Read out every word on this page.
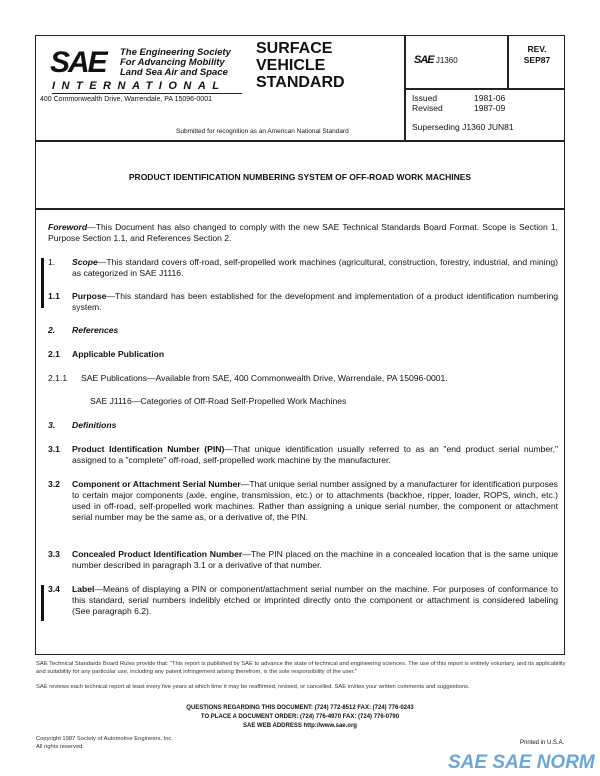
SAE	The Engineering Society
For Advancing Mobility
Land Sea Air and Space
INTERNATIONAL
400 Commonwealth Drive, Warrendale, PA 15096-0001
SURFACE
VEHICLE
STANDARD
Submitted for recognition as an American National Standard
SAE J1360
REV.
SEP87
Issued	1981-06
Revised	1987-09
Superseding J1360 JUN81
PRODUCT IDENTIFICATION NUMBERING SYSTEM OF OFF-ROAD WORK MACHINES
Foreword—This Document has also changed to comply with the new SAE Technical Standards Board Format. Scope is Section 1, Purpose Section 1.1, and References Section 2.
1. Scope—This standard covers off-road, self-propelled work machines (agricultural, construction, forestry, industrial, and mining) as categorized in SAE J1116.
1.1 Purpose—This standard has been established for the development and implementation of a product identification numbering system.
2. References
2.1 Applicable Publication
2.1.1 SAE Publications—Available from SAE, 400 Commonwealth Drive, Warrendale, PA 15096-0001.
SAE J1116—Categories of Off-Road Self-Propelled Work Machines
3. Definitions
3.1 Product Identification Number (PIN)—That unique identification usually referred to as an "end product serial number," assigned to a "complete" off-road, self-propelled work machine by the manufacturer.
3.2 Component or Attachment Serial Number—That unique serial number assigned by a manufacturer for identification purposes to certain major components (axle, engine, transmission, etc.) or to attachments (backhoe, ripper, loader, ROPS, winch, etc.) used in off-road, self-propelled work machines. Rather than assigning a unique serial number, the component or attachment serial number may be the same as, or a derivative of, the PIN.
3.3 Concealed Product Identification Number—The PIN placed on the machine in a concealed location that is the same unique number described in paragraph 3.1 or a derivative of that number.
3.4 Label—Means of displaying a PIN or component/attachment serial number on the machine. For purposes of conformance to this standard, serial numbers indelibly etched or imprinted directly onto the component or attachment is considered labeling (See paragraph 6.2).
SAE Technical Standards Board Rules provide that: "This report is published by SAE to advance the state of technical and engineering sciences. The use of this report is entirely voluntary, and its applicability and suitability for any particular use, including any patent infringement arising therefrom, is the sole responsibility of the user."
SAE reviews each technical report at least every five years at which time it may be reaffirmed, revised, or cancelled. SAE invites your written comments and suggestions.
QUESTIONS REGARDING THIS DOCUMENT: (724) 772-8512 FAX: (724) 776-0243
TO PLACE A DOCUMENT ORDER: (724) 776-4970 FAX: (724) 776-0790
SAE WEB ADDRESS http://www.sae.org
Copyright 1987 Society of Automotive Engineers, Inc.
All rights reserved.
Printed in U.S.A.
SAE SAE NORM
